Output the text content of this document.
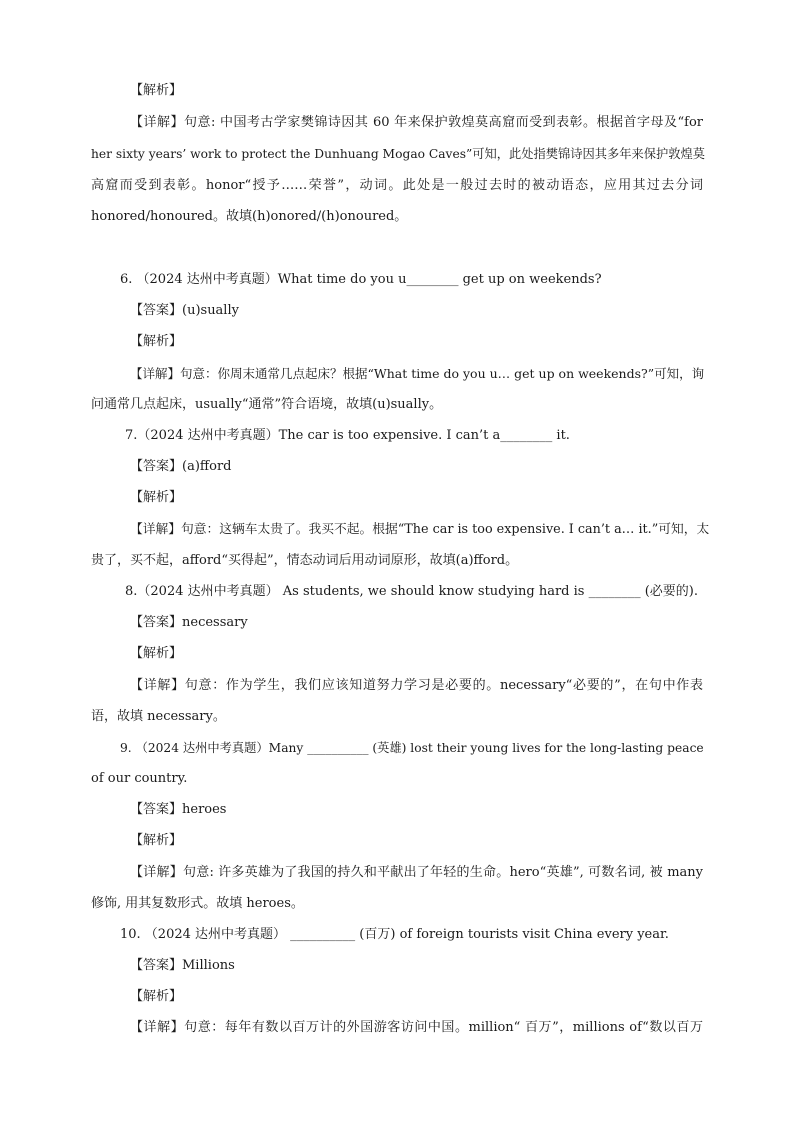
【解析】
【详解】句意: 中国考古学家樊锦诗因其 60 年来保护敦煌莫高窟而受到表彰。根据首字母及“for
her sixty years’ work to protect the Dunhuang Mogao Caves”可知，此处指樊锦诗因其多年来保护敦煌莫
高窟而受到表彰。honor“授予……荣誉”，动词。此处是一般过去时的被动语态，应用其过去分词
honored/honoured。故填(h)onored/(h)onoured。
6. （2024 达州中考真题）What time do you u________ get up on weekends?
【答案】(u)sually
【解析】
【详解】句意：你周末通常几点起床？根据“What time do you u… get up on weekends?”可知，询
问通常几点起床，usually“通常”符合语境，故填(u)sually。
7.（2024 达州中考真题）The car is too expensive. I can’t a________ it.
【答案】(a)fford
【解析】
【详解】句意：这辆车太贵了。我买不起。根据“The car is too expensive. I can’t a… it.”可知，太
贵了，买不起，afford“买得起”，情态动词后用动词原形，故填(a)fford。
8.（2024 达州中考真题） As students, we should know studying hard is ________ (必要的).
【答案】necessary
【解析】
【详解】句意：作为学生，我们应该知道努力学习是必要的。necessary“必要的”，在句中作表
语，故填 necessary。
9. （2024 达州中考真题）Many __________ (英雄) lost their young lives for the long-lasting peace
of our country.
【答案】heroes
【解析】
【详解】句意: 许多英雄为了我国的持久和平献出了年轻的生命。hero“英雄”, 可数名词, 被 many
修饰, 用其复数形式。故填 heroes。
10. （2024 达州中考真题） __________ (百万) of foreign tourists visit China every year.
【答案】Millions
【解析】
【详解】句意：每年有数以百万计的外国游客访问中国。million“ 百万”，millions of“数以百万
